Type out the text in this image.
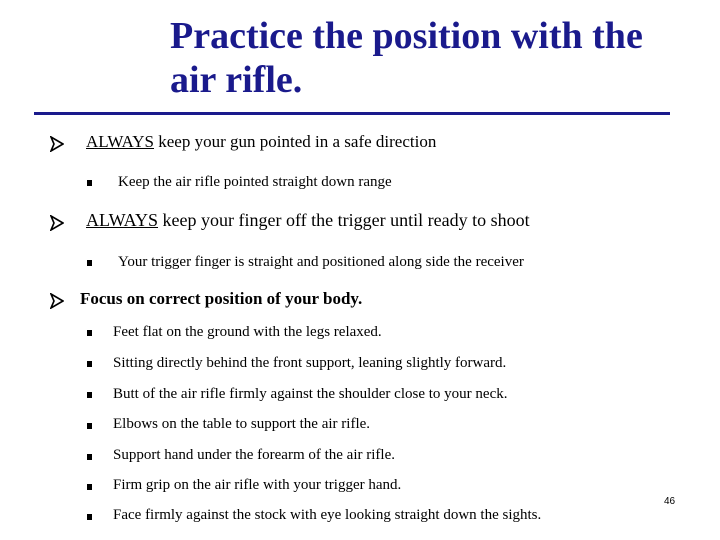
Practice the position with the
air rifle.
ALWAYS keep your gun pointed in a safe direction
Keep the air rifle pointed straight down range
ALWAYS keep your finger off the trigger until ready to shoot
Your trigger finger is straight and positioned along side the receiver
Focus on correct position of your body.
Feet flat on the ground with the legs relaxed.
Sitting directly behind the front support, leaning slightly forward.
Butt of the air rifle firmly against the shoulder close to your neck.
Elbows on the table to support the air rifle.
Support hand under the forearm of the air rifle.
Firm grip on the air rifle with your trigger hand.
Face firmly against the stock with eye looking straight down the sights.
46
